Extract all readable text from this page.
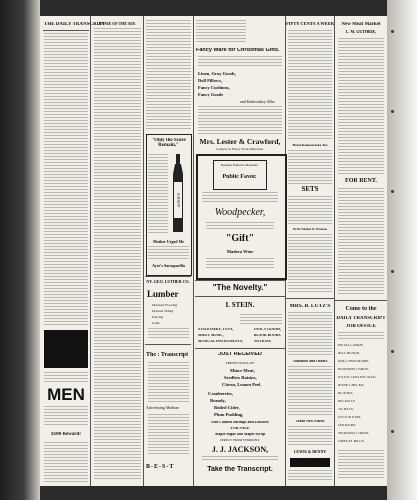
THE DAILY TRANSCRIPT
CURE
COUGH
SHILOH'S
CURE
MEN
$100 Reward!
ANNIE OF THE SEE
"Only the Score Remain,"
AYER'S
Mother Urged Me
Ayer's Sarsaparilla
NY. GEO. LUTHER CO.
Lumber
Matched Flooring
Dressed Siding
Fencing
Laths
The : Transcript
Advertising Medium
B-E-S-T
Fancy Ware for Christmas Gifts.
Linen, Gray Goods,
Doll Pillows,
Fancy Cushions,
Fancy Goods
and Embroidery Silks
Mrs. Lester & Crawford,
Leaders in Fancy Work Materials.
Regular Patterns Maintain
Public Favor.
Woodpecker,
"Gift"
Madera Wine
"The Novelty."
I. STEIN.
STATIONERY, TOYS,
SHEET MUSIC,
MUSICAL INSTRUMENTS,
FANCY GOODS,
BLANK BOOKS,
NOTIONS,
JUST RECEIVED
FRESH STOCK OF
Mince Meat,
Seedless Raisins,
Citron, Lemon Peel,
Cranberries,
Brandy,
Boiled Cider,
Plum Pudding,
Fine Canned Shrimps and Lobsters
FOR SALE
Maple Sugar and Maple Syrup
DIRECT FROM VERMONT.
J. J. JACKSON,
Take the Transcript.
FIFTY CENTS A WEEK
Hotel-Kamouraska Tea
SETS
Pritz Nickel & Watson
MRS. B. LUTZ'S
Tomatoes and Others
Trade New Places
LEWIS & BENNY
"THE HUB."
New Meat Market
L. M. GUTHRIE,
FOR RENT.
Come to the
DAILY TRANSCRIPT
JOB OFFICE
HOTEL CARDS,
BILL HEADS,
HALL PROGRAMS,
BUSINESS CARDS,
STOCK CERTIFICATES,
BANK CHECKS,
BLANKS,
RECEIPTS,
TICKETS,
INVITATIONS,
DODGERS,
WEDDING CARDS,
DISPLAY BILLS
